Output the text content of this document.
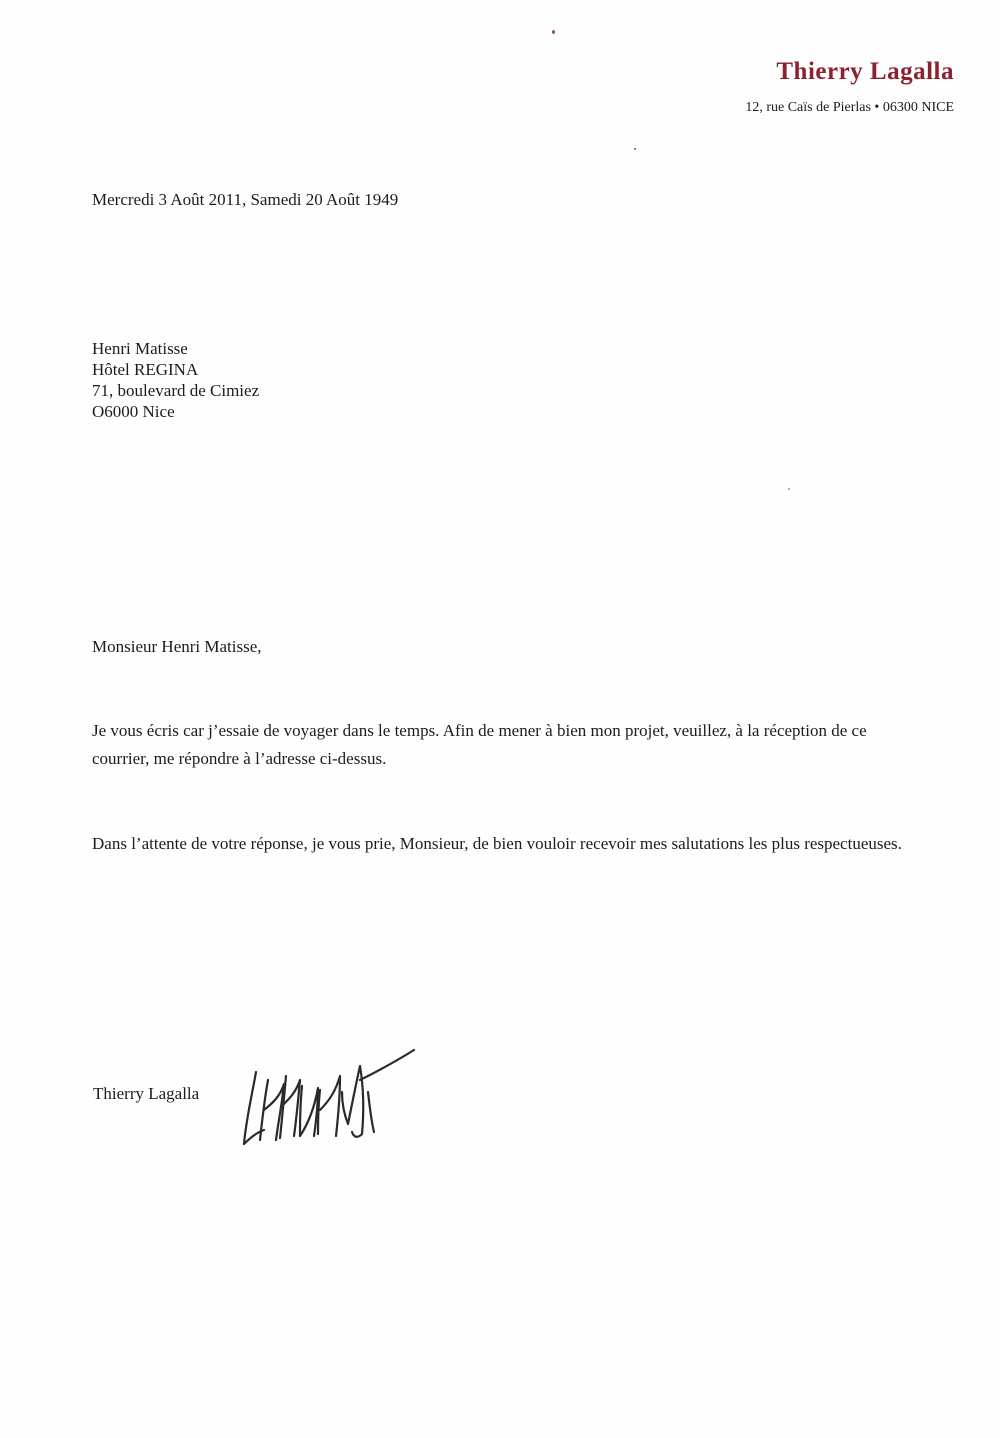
Thierry Lagalla
12, rue Caïs de Pierlas • 06300 NICE
Mercredi 3 Août 2011, Samedi 20 Août 1949
Henri Matisse
Hôtel REGINA
71, boulevard de Cimiez
O6000 Nice
Monsieur Henri Matisse,
Je vous écris car j’essaie de voyager dans le temps. Afin de mener à bien mon projet, veuillez, à la réception de ce courrier, me répondre à l’adresse ci-dessus.
Dans l’attente de votre réponse, je vous prie, Monsieur, de bien vouloir recevoir mes salutations les plus respectueuses.
Thierry Lagalla
